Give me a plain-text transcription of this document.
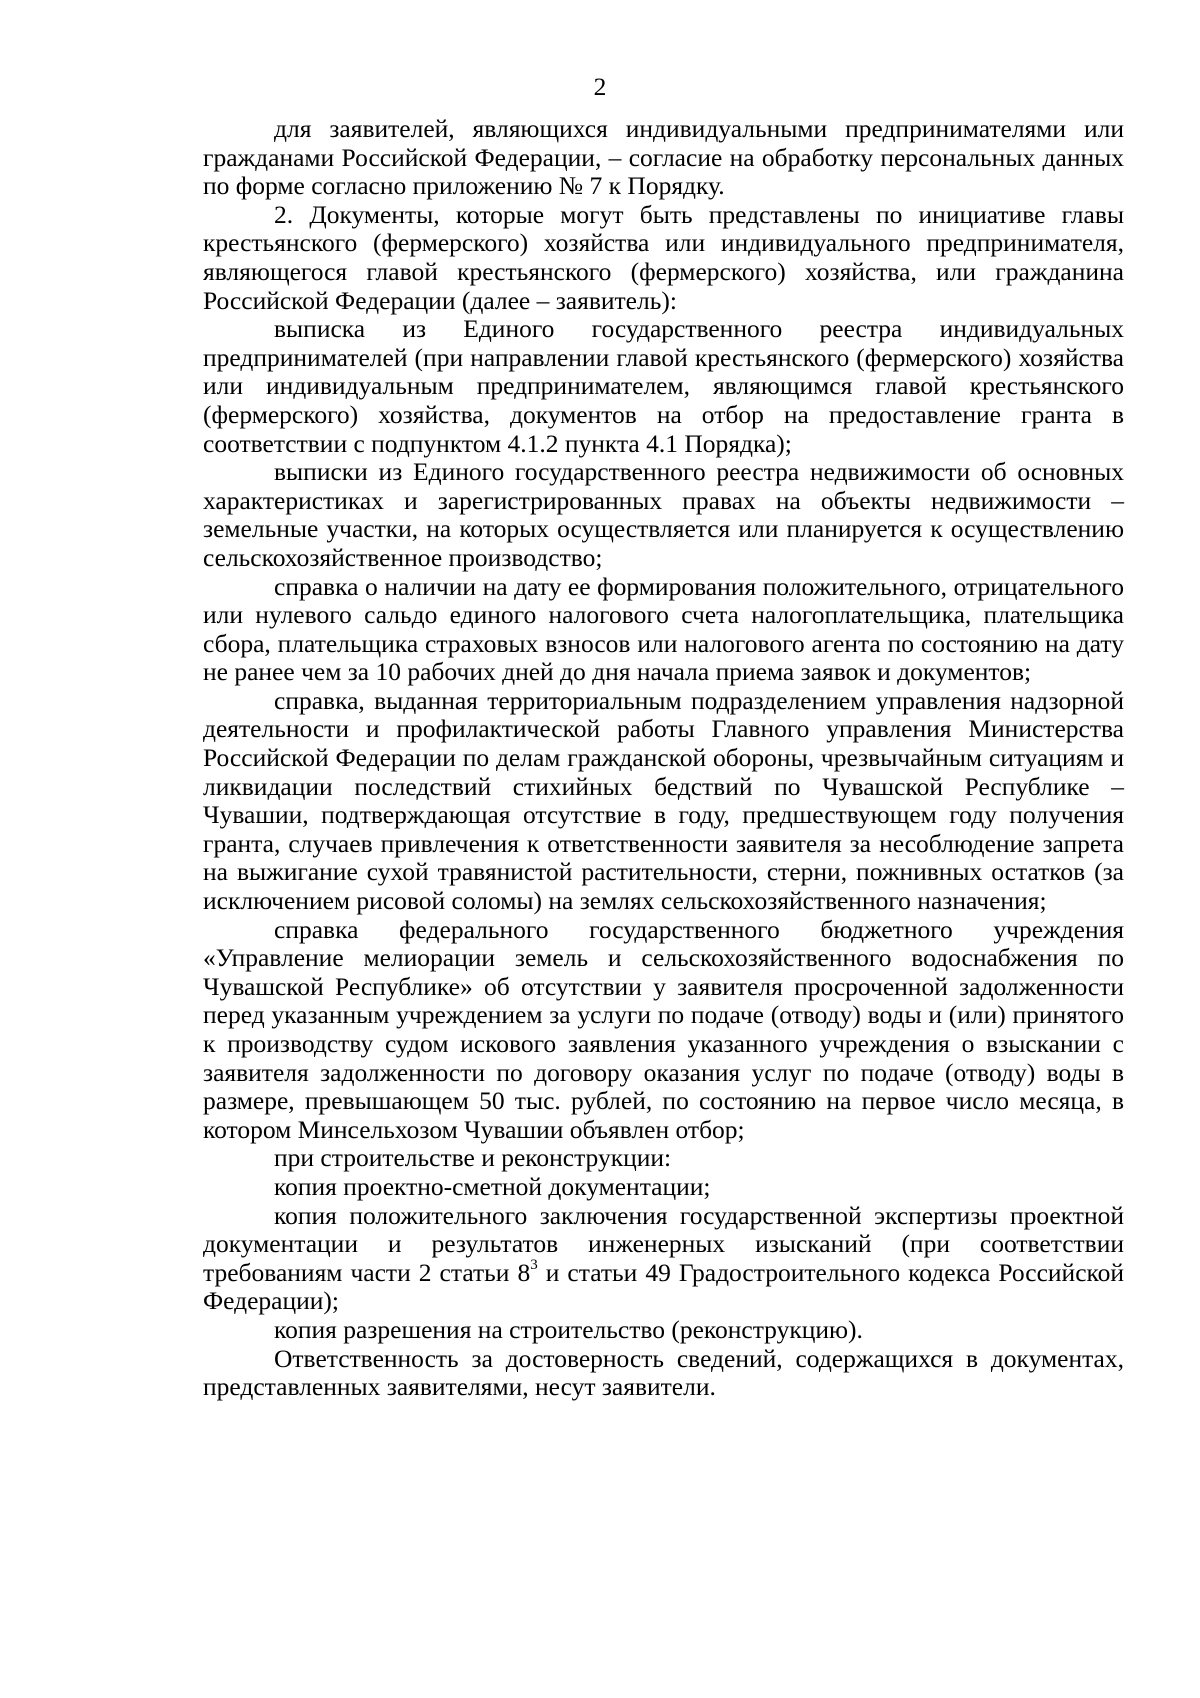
2

для заявителей, являющихся индивидуальными предпринимателями или гражданами Российской Федерации, – согласие на обработку персональных данных по форме согласно приложению № 7 к Порядку.

2. Документы, которые могут быть представлены по инициативе главы крестьянского (фермерского) хозяйства или индивидуального предпринимателя, являющегося главой крестьянского (фермерского) хозяйства, или гражданина Российской Федерации (далее – заявитель):

выписка из Единого государственного реестра индивидуальных предпринимателей (при направлении главой крестьянского (фермерского) хозяйства или индивидуальным предпринимателем, являющимся главой крестьянского (фермерского) хозяйства, документов на отбор на предоставление гранта в соответствии с подпунктом 4.1.2 пункта 4.1 Порядка);

выписки из Единого государственного реестра недвижимости об основных характеристиках и зарегистрированных правах на объекты недвижимости – земельные участки, на которых осуществляется или планируется к осуществлению сельскохозяйственное производство;

справка о наличии на дату ее формирования положительного, отрицательного или нулевого сальдо единого налогового счета налогоплательщика, плательщика сбора, плательщика страховых взносов или налогового агента по состоянию на дату не ранее чем за 10 рабочих дней до дня начала приема заявок и документов;

справка, выданная территориальным подразделением управления надзорной деятельности и профилактической работы Главного управления Министерства Российской Федерации по делам гражданской обороны, чрезвычайным ситуациям и ликвидации последствий стихийных бедствий по Чувашской Республике – Чувашии, подтверждающая отсутствие в году, предшествующем году получения гранта, случаев привлечения к ответственности заявителя за несоблюдение запрета на выжигание сухой травянистой растительности, стерни, пожнивных остатков (за исключением рисовой соломы) на землях сельскохозяйственного назначения;

справка федерального государственного бюджетного учреждения «Управление мелиорации земель и сельскохозяйственного водоснабжения по Чувашской Республике» об отсутствии у заявителя просроченной задолженности перед указанным учреждением за услуги по подаче (отводу) воды и (или) принятого к производству судом искового заявления указанного учреждения о взыскании с заявителя задолженности по договору оказания услуг по подаче (отводу) воды в размере, превышающем 50 тыс. рублей, по состоянию на первое число месяца, в котором Минсельхозом Чувашии объявлен отбор;

при строительстве и реконструкции:

копия проектно-сметной документации;

копия положительного заключения государственной экспертизы проектной документации и результатов инженерных изысканий (при соответствии требованиям части 2 статьи $8^3$ и статьи 49 Градостроительного кодекса Российской Федерации);

копия разрешения на строительство (реконструкцию).

Ответственность за достоверность сведений, содержащихся в документах, представленных заявителями, несут заявители.
